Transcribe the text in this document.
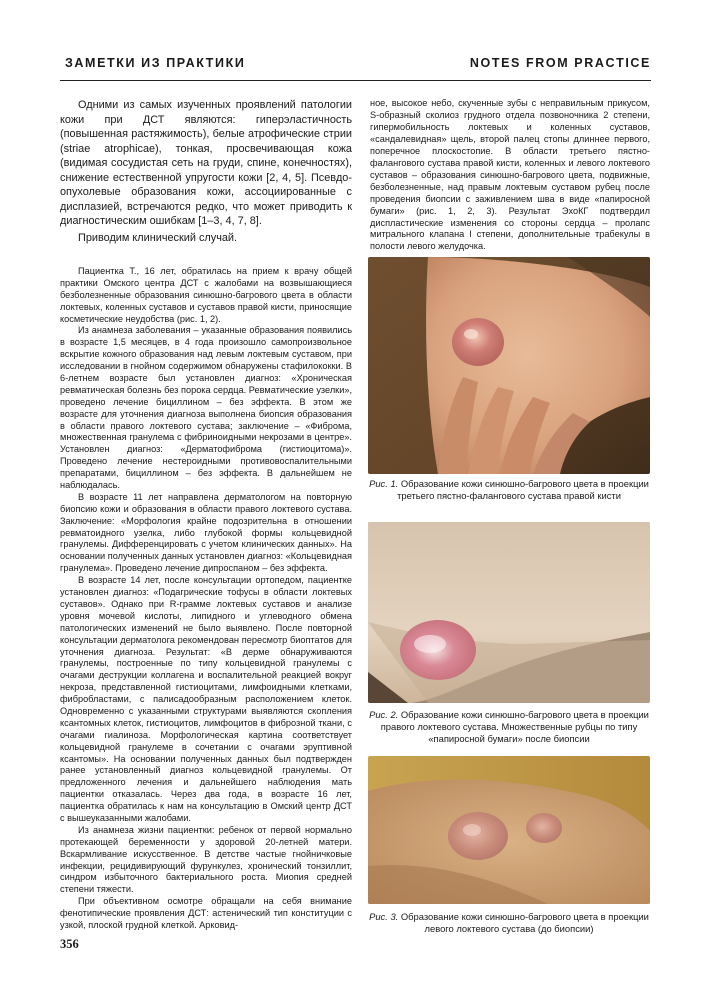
ЗАМЕТКИ ИЗ ПРАКТИКИ	NOTES FROM PRACTICE

Одними из самых изученных проявлений патологии кожи при ДСТ являются: гиперэластичность (повышенная растяжимость), белые атрофические стрии (striae atrophicae), тонкая, просвечивающая кожа (видимая сосудистая сеть на груди, спине, конечностях), снижение естественной упругости кожи [2, 4, 5]. Псевдо-опухолевые образования кожи, ассоциированные с дисплазией, встречаются редко, что может приводить к диагностическим ошибкам [1–3, 4, 7, 8].

Приводим клинический случай.

Пациентка Т., 16 лет, обратилась на прием к врачу общей практики Омского центра ДСТ с жалобами на возвышающиеся безболезненные образования синюшно-багрового цвета в области локтевых, коленных суставов и суставов правой кисти, приносящие косметические неудобства (рис. 1, 2).

Из анамнеза заболевания – указанные образования появились в возрасте 1,5 месяцев, в 4 года произошло самопроизвольное вскрытие кожного образования над левым локтевым суставом, при исследовании в гнойном содержимом обнаружены стафилококки. В 6-летнем возрасте был установлен диагноз: «Хроническая ревматическая болезнь без порока сердца. Ревматические узелки», проведено лечение бициллином – без эффекта. В этом же возрасте для уточнения диагноза выполнена биопсия образования в области правого локтевого сустава; заключение – «Фиброма, множественная гранулема с фибриноидными некрозами в центре». Установлен диагноз: «Дерматофиброма (гистиоцитома)». Проведено лечение нестероидными противовоспалительными препаратами, бициллином – без эффекта. В дальнейшем не наблюдалась.

В возрасте 11 лет направлена дерматологом на повторную биопсию кожи и образования в области правого локтевого сустава. Заключение: «Морфология крайне подозрительна в отношении ревматоидного узелка, либо глубокой формы кольцевидной гранулемы. Дифференцировать с учетом клинических данных». На основании полученных данных установлен диагноз: «Кольцевидная гранулема». Проведено лечение дипроспаном – без эффекта.

В возрасте 14 лет, после консультации ортопедом, пациентке установлен диагноз: «Подагрические тофусы в области локтевых суставов». Однако при R-грамме локтевых суставов и анализе уровня мочевой кислоты, липидного и углеводного обмена патологических изменений не было выявлено. После повторной консультации дерматолога рекомендован пересмотр биоптатов для уточнения диагноза. Результат: «В дерме обнаруживаются гранулемы, построенные по типу кольцевидной гранулемы с очагами деструкции коллагена и воспалительной реакцией вокруг некроза, представленной гистиоцитами, лимфоидными клетками, фибробластами, с палисадообразным расположением клеток. Одновременно с указанными структурами выявляются скопления ксантомных клеток, гистиоцитов, лимфоцитов в фиброзной ткани, с очагами гиалиноза. Морфологическая картина соответствует кольцевидной гранулеме в сочетании с очагами эруптивной ксантомы». На основании полученных данных был подтвержден ранее установленный диагноз кольцевидной гранулемы. От предложенного лечения и дальнейшего наблюдения мать пациентки отказалась. Через два года, в возрасте 16 лет, пациентка обратилась к нам на консультацию в Омский центр ДСТ с вышеуказанными жалобами.

Из анамнеза жизни пациентки: ребенок от первой нормально протекающей беременности у здоровой 20-летней матери. Вскармливание искусственное. В детстве частые гнойничковые инфекции, рецидивирующий фурункулез, хронический тонзиллит, синдром избыточного бактериального роста. Миопия средней степени тяжести.

При объективном осмотре обращали на себя внимание фенотипические проявления ДСТ: астенический тип конституции с узкой, плоской грудной клеткой. Арковид-

ное, высокое небо, скученные зубы с неправильным прикусом, S-образный сколиоз грудного отдела позвоночника 2 степени, гипермобильность локтевых и коленных суставов, «сандалевидная» щель, второй палец стопы длиннее первого, поперечное плоскостопие. В области третьего пястно-фалангового сустава правой кисти, коленных и левого локтевого суставов – образования синюшно-багрового цвета, подвижные, безболезненные, над правым локтевым суставом рубец после проведения биопсии с заживлением шва в виде «папиросной бумаги» (рис. 1, 2, 3). Результат ЭхоКГ подтвердил диспластические изменения со стороны сердца – пролапс митрального клапана I степени, дополнительные трабекулы в полости левого желудочка.

Рис. 1. Образование кожи синюшно-багрового цвета в проекции третьего пястно-фалангового сустава правой кисти
Рис. 2. Образование кожи синюшно-багрового цвета в проекции правого локтевого сустава. Множественные рубцы по типу «папиросной бумаги» после биопсии
Рис. 3. Образование кожи синюшно-багрового цвета в проекции левого локтевого сустава (до биопсии)
356
